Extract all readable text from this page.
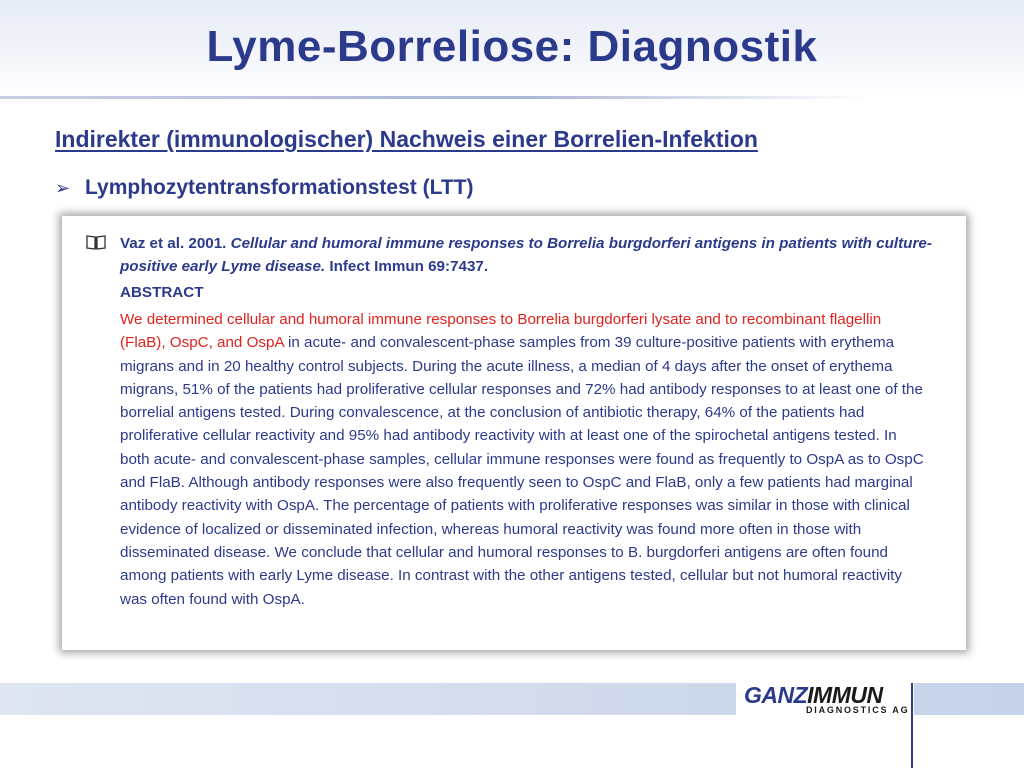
Lyme-Borreliose: Diagnostik
Indirekter (immunologischer) Nachweis einer Borrelien-Infektion
➢ Lymphozytentransformationstest (LTT)
Vaz et al. 2001. Cellular and humoral immune responses to Borrelia burgdorferi antigens in patients with culture-positive early Lyme disease. Infect Immun 69:7437.
ABSTRACT
We determined cellular and humoral immune responses to Borrelia burgdorferi lysate and to recombinant flagellin (FlaB), OspC, and OspA in acute- and convalescent-phase samples from 39 culture-positive patients with erythema migrans and in 20 healthy control subjects. During the acute illness, a median of 4 days after the onset of erythema migrans, 51% of the patients had proliferative cellular responses and 72% had antibody responses to at least one of the borrelial antigens tested. During convalescence, at the conclusion of antibiotic therapy, 64% of the patients had proliferative cellular reactivity and 95% had antibody reactivity with at least one of the spirochetal antigens tested. In both acute- and convalescent-phase samples, cellular immune responses were found as frequently to OspA as to OspC and FlaB. Although antibody responses were also frequently seen to OspC and FlaB, only a few patients had marginal antibody reactivity with OspA. The percentage of patients with proliferative responses was similar in those with clinical evidence of localized or disseminated infection, whereas humoral reactivity was found more often in those with disseminated disease. We conclude that cellular and humoral responses to B. burgdorferi antigens are often found among patients with early Lyme disease. In contrast with the other antigens tested, cellular but not humoral reactivity was often found with OspA.
GANZIMMUN
DIAGNOSTICS AG
